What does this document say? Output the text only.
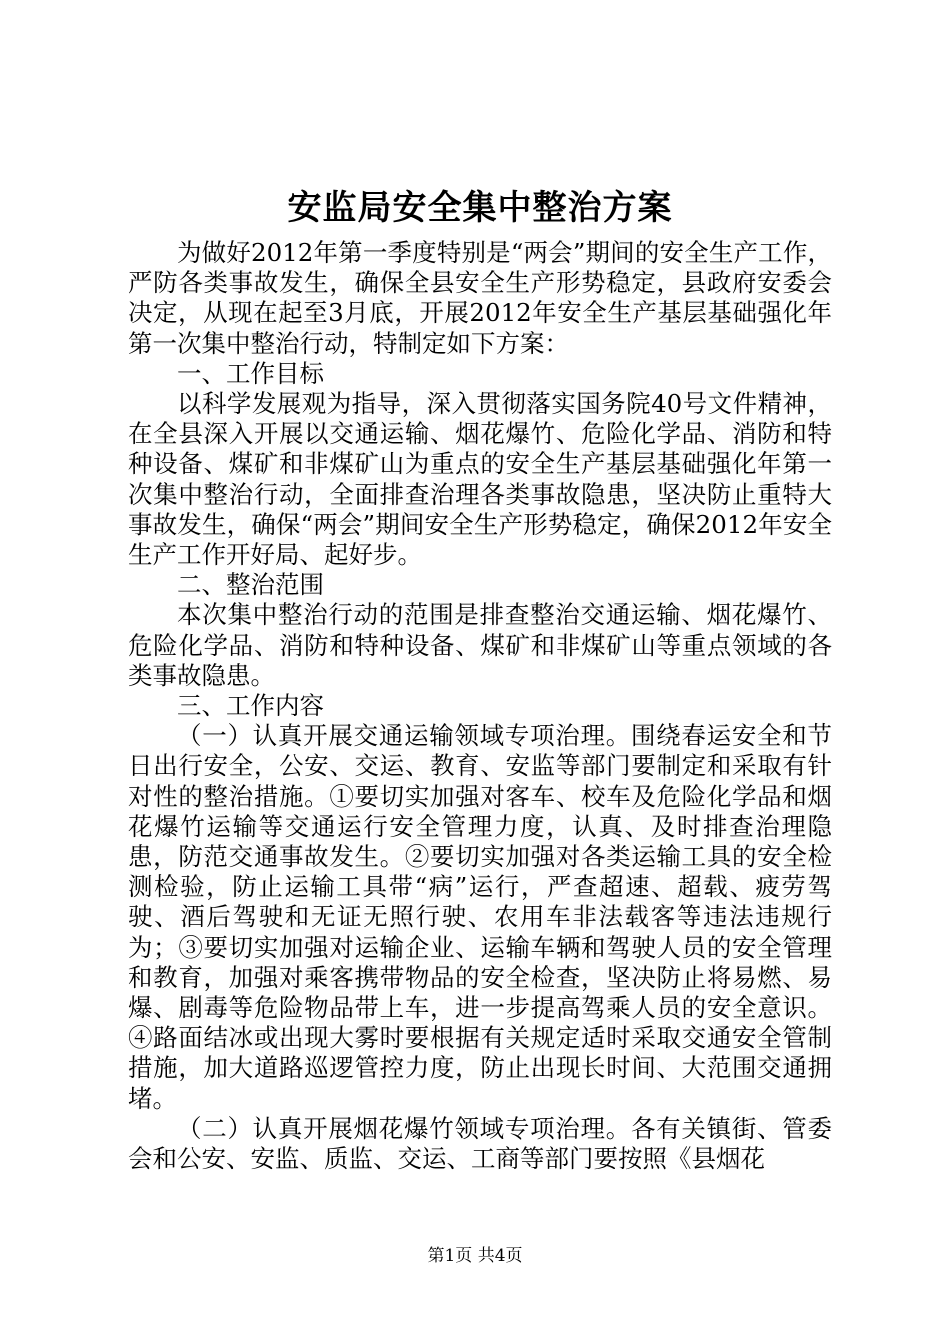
安监局安全集中整治方案

为做好2012年第一季度特别是“两会”期间的安全生产工作，严防各类事故发生，确保全县安全生产形势稳定，县政府安委会决定，从现在起至3月底，开展2012年安全生产基层基础强化年第一次集中整治行动，特制定如下方案：

一、工作目标

以科学发展观为指导，深入贯彻落实国务院40号文件精神，在全县深入开展以交通运输、烟花爆竹、危险化学品、消防和特种设备、煤矿和非煤矿山为重点的安全生产基层基础强化年第一次集中整治行动，全面排查治理各类事故隐患，坚决防止重特大事故发生，确保“两会”期间安全生产形势稳定，确保2012年安全生产工作开好局、起好步。

二、整治范围

本次集中整治行动的范围是排查整治交通运输、烟花爆竹、危险化学品、消防和特种设备、煤矿和非煤矿山等重点领域的各类事故隐患。

三、工作内容

（一）认真开展交通运输领域专项治理。围绕春运安全和节日出行安全，公安、交运、教育、安监等部门要制定和采取有针对性的整治措施。①要切实加强对客车、校车及危险化学品和烟花爆竹运输等交通运行安全管理力度，认真、及时排查治理隐患，防范交通事故发生。②要切实加强对各类运输工具的安全检测检验，防止运输工具带“病”运行，严查超速、超载、疲劳驾驶、酒后驾驶和无证无照行驶、农用车非法载客等违法违规行为；③要切实加强对运输企业、运输车辆和驾驶人员的安全管理和教育，加强对乘客携带物品的安全检查，坚决防止将易燃、易爆、剧毒等危险物品带上车，进一步提高驾乘人员的安全意识。④路面结冰或出现大雾时要根据有关规定适时采取交通安全管制措施，加大道路巡逻管控力度，防止出现长时间、大范围交通拥堵。

（二）认真开展烟花爆竹领域专项治理。各有关镇街、管委会和公安、安监、质监、交运、工商等部门要按照《县烟花

第1页 共4页
